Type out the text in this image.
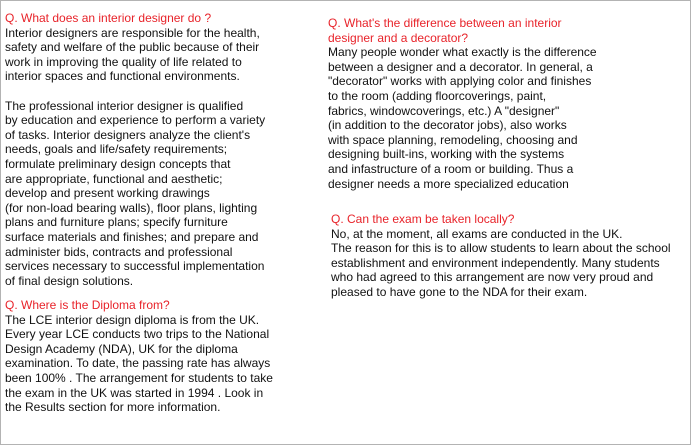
Q. What does an interior designer do ?
Interior designers are responsible for the health,
safety and welfare of the public because of their
work in improving the quality of life related to
interior spaces and functional environments.
The professional interior designer is qualified
by education and experience to perform a variety
of tasks. Interior designers analyze the client's
needs, goals and life/safety requirements;
formulate preliminary design concepts that
are appropriate, functional and aesthetic;
develop and present working drawings
(for non-load bearing walls), floor plans, lighting
plans and furniture plans; specify furniture
surface materials and finishes; and prepare and
administer bids, contracts and professional
services necessary to successful implementation
of final design solutions.
Q. Where is the Diploma from?
The LCE interior design diploma is from the UK.
Every year LCE conducts two trips to the National
Design Academy (NDA), UK for the diploma
examination. To date, the passing rate has always
been 100% . The arrangement for students to take
the exam in the UK was started in 1994 . Look in
the Results section for more information.
Q. What's the difference between an interior
designer and a decorator?
Many people wonder what exactly is the difference
between a designer and a decorator. In general, a
"decorator" works with applying color and finishes
to the room (adding floorcoverings, paint,
fabrics, windowcoverings, etc.) A "designer"
(in addition to the decorator jobs), also works
with space planning, remodeling, choosing and
designing built-ins, working with the systems
and infastructure of a room or building. Thus a
designer needs a more specialized education
Q. Can the exam be taken locally?
No, at the moment, all exams are conducted in the UK.
The reason for this is to allow students to learn about the school
establishment and environment independently. Many students
who had agreed to this arrangement are now very proud and
pleased to have gone to the NDA for their exam.
